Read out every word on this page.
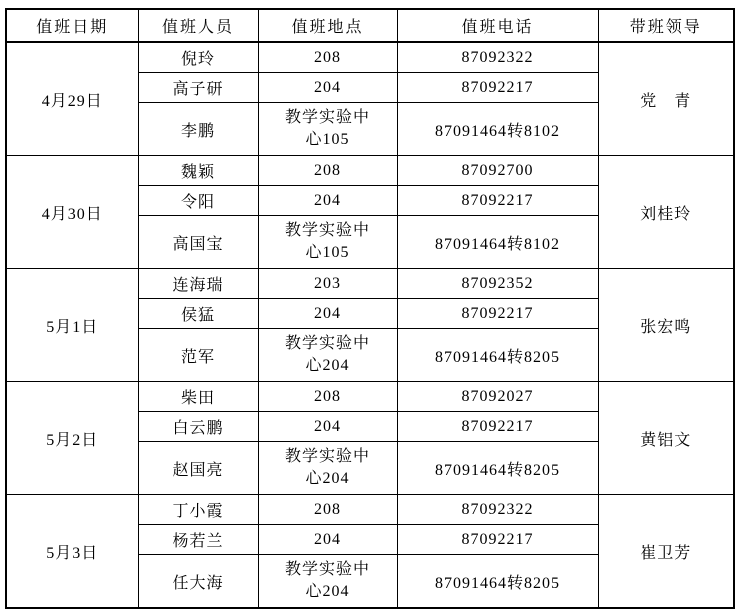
值班日期	值班人员	值班地点	值班电话	带班领导
4月29日	倪玲	208	87092322	党　青
	高子研	204	87092217	
	李鹏	教学实验中心105	87091464转8102	
4月30日	魏颖	208	87092700	刘桂玲
	令阳	204	87092217	
	高国宝	教学实验中心105	87091464转8102	
5月1日	连海瑞	203	87092352	张宏鸣
	侯猛	204	87092217	
	范军	教学实验中心204	87091464转8205	
5月2日	柴田	208	87092027	黄铝文
	白云鹏	204	87092217	
	赵国亮	教学实验中心204	87091464转8205	
5月3日	丁小霞	208	87092322	崔卫芳
	杨若兰	204	87092217	
	任大海	教学实验中心204	87091464转8205	
